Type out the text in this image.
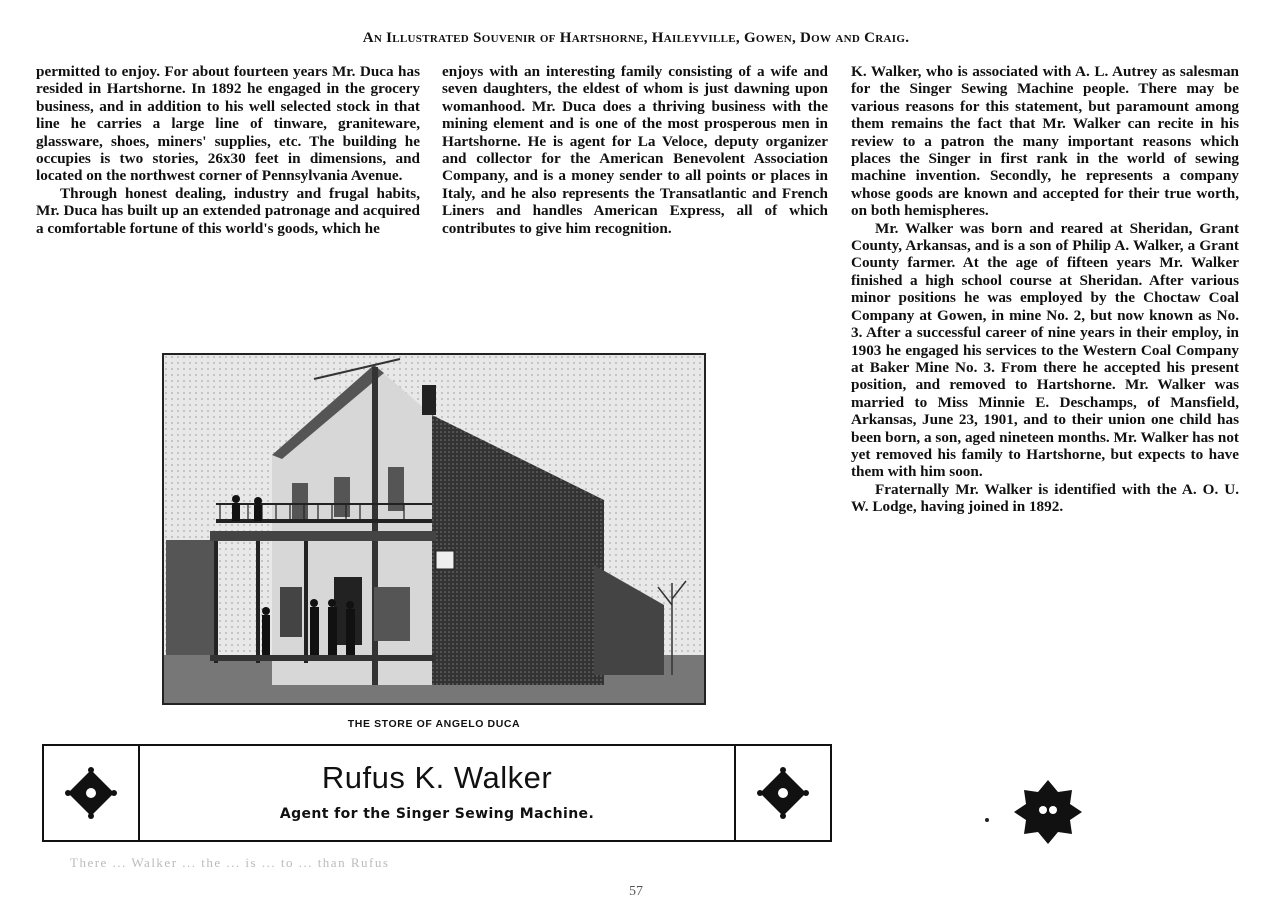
An Illustrated Souvenir of Hartshorne, Haileyville, Gowen, Dow and Craig.

permitted to enjoy. For about fourteen years Mr. Duca has resided in Hartshorne. In 1892 he engaged in the grocery business, and in addition to his well selected stock in that line he carries a large line of tinware, graniteware, glassware, shoes, miners' supplies, etc. The building he occupies is two stories, 26x30 feet in dimensions, and located on the northwest corner of Pennsylvania Avenue.

Through honest dealing, industry and frugal habits, Mr. Duca has built up an extended patronage and acquired a comfortable fortune of this world's goods, which he

enjoys with an interesting family consisting of a wife and seven daughters, the eldest of whom is just dawning upon womanhood. Mr. Duca does a thriving business with the mining element and is one of the most prosperous men in Hartshorne. He is agent for La Veloce, deputy organizer and collector for the American Benevolent Association Company, and is a money sender to all points or places in Italy, and he also represents the Transatlantic and French Liners and handles American Express, all of which contributes to give him recognition.

K. Walker, who is associated with A. L. Autrey as salesman for the Singer Sewing Machine people. There may be various reasons for this statement, but paramount among them remains the fact that Mr. Walker can recite in his review to a patron the many important reasons which places the Singer in first rank in the world of sewing machine invention. Secondly, he represents a company whose goods are known and accepted for their true worth, on both hemispheres.

Mr. Walker was born and reared at Sheridan, Grant County, Arkansas, and is a son of Philip A. Walker, a Grant County farmer. At the age of fifteen years Mr. Walker finished a high school course at Sheridan. After various minor positions he was employed by the Choctaw Coal Company at Gowen, in mine No. 2, but now known as No. 3. After a successful career of nine years in their employ, in 1903 he engaged his services to the Western Coal Company at Baker Mine No. 3. From there he accepted his present position, and removed to Hartshorne. Mr. Walker was married to Miss Minnie E. Deschamps, of Mansfield, Arkansas, June 23, 1901, and to their union one child has been born, a son, aged nineteen months. Mr. Walker has not yet removed his family to Hartshorne, but expects to have them with him soon.

Fraternally Mr. Walker is identified with the A. O. U. W. Lodge, having joined in 1892.

THE STORE OF ANGELO DUCA
Rufus K. Walker
Agent for the Singer Sewing Machine.
There ... Walker ... the ... is ... to ... than Rufus
57
